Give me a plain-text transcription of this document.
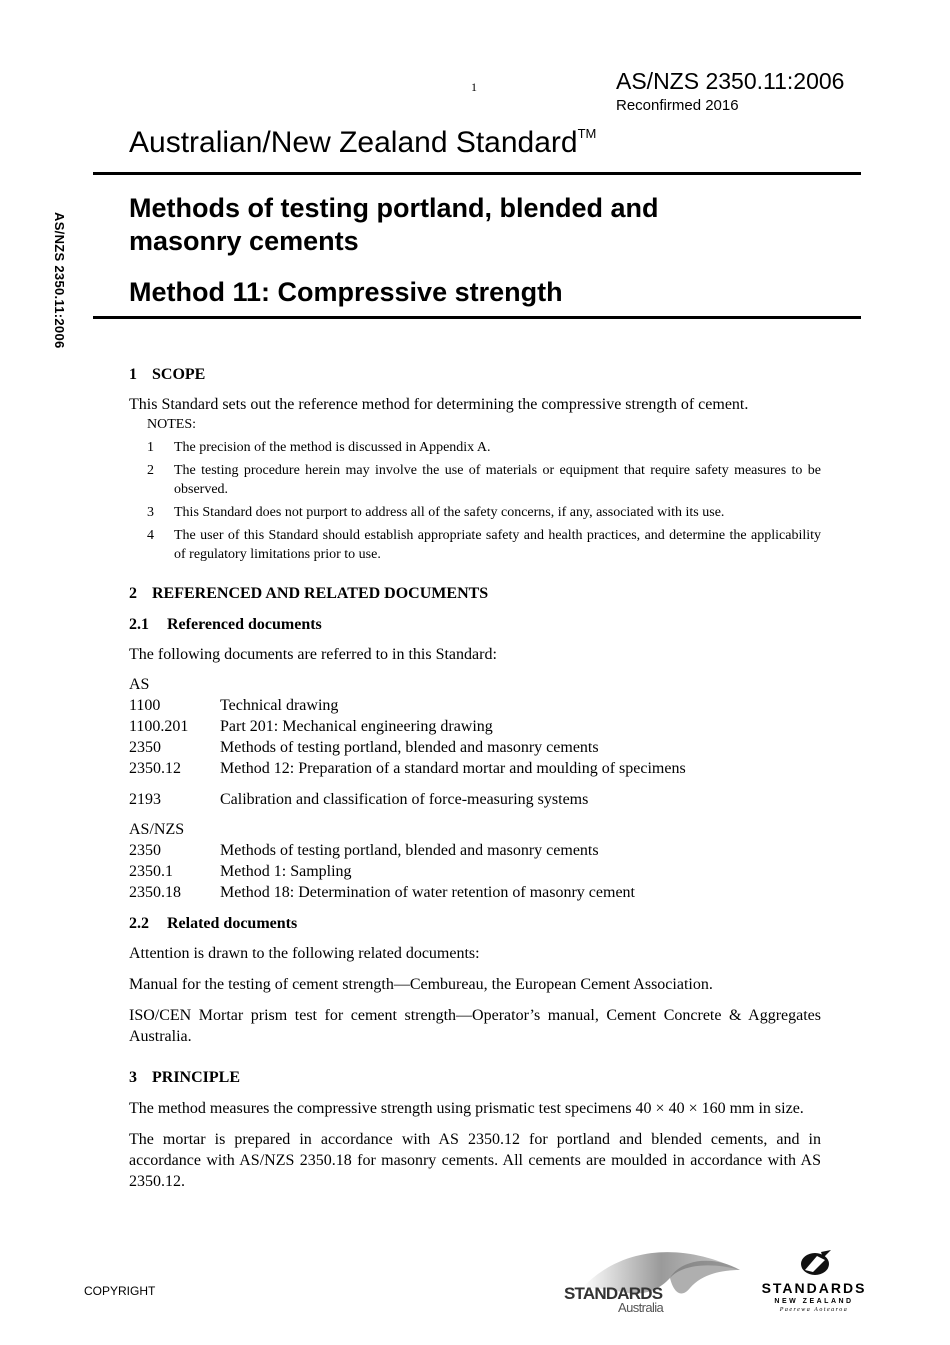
1	AS/NZS 2350.11:2006
Reconfirmed 2016
Australian/New Zealand Standard™
Methods of testing portland, blended and
masonry cements
Method 11: Compressive strength
AS/NZS 2350.11:2006
1 SCOPE

This Standard sets out the reference method for determining the compressive strength of cement.

NOTES:
1	The precision of the method is discussed in Appendix A.
2	The testing procedure herein may involve the use of materials or equipment that require safety measures to be observed.
3	This Standard does not purport to address all of the safety concerns, if any, associated with its use.
4	The user of this Standard should establish appropriate safety and health practices, and determine the applicability of regulatory limitations prior to use.
2 REFERENCED AND RELATED DOCUMENTS
2.1 Referenced documents

The following documents are referred to in this Standard:

AS
1100	Technical drawing
1100.201	Part 201: Mechanical engineering drawing
2350	Methods of testing portland, blended and masonry cements
2350.12	Method 12: Preparation of a standard mortar and moulding of specimens
2193	Calibration and classification of force-measuring systems
AS/NZS
2350	Methods of testing portland, blended and masonry cements
2350.1	Method 1: Sampling
2350.18	Method 18: Determination of water retention of masonry cement
2.2 Related documents

Attention is drawn to the following related documents:

Manual for the testing of cement strength—Cembureau, the European Cement Association.

ISO/CEN Mortar prism test for cement strength—Operator’s manual, Cement Concrete & Aggregates Australia.

3 PRINCIPLE

The method measures the compressive strength using prismatic test specimens 40 × 40 × 160 mm in size.

The mortar is prepared in accordance with AS 2350.12 for portland and blended cements, and in accordance with AS/NZS 2350.18 for masonry cements. All cements are moulded in accordance with AS 2350.12.

COPYRIGHT	STANDARDS
Australia
STANDARDS
NEW ZEALAND
Paerewa Aotearoa
